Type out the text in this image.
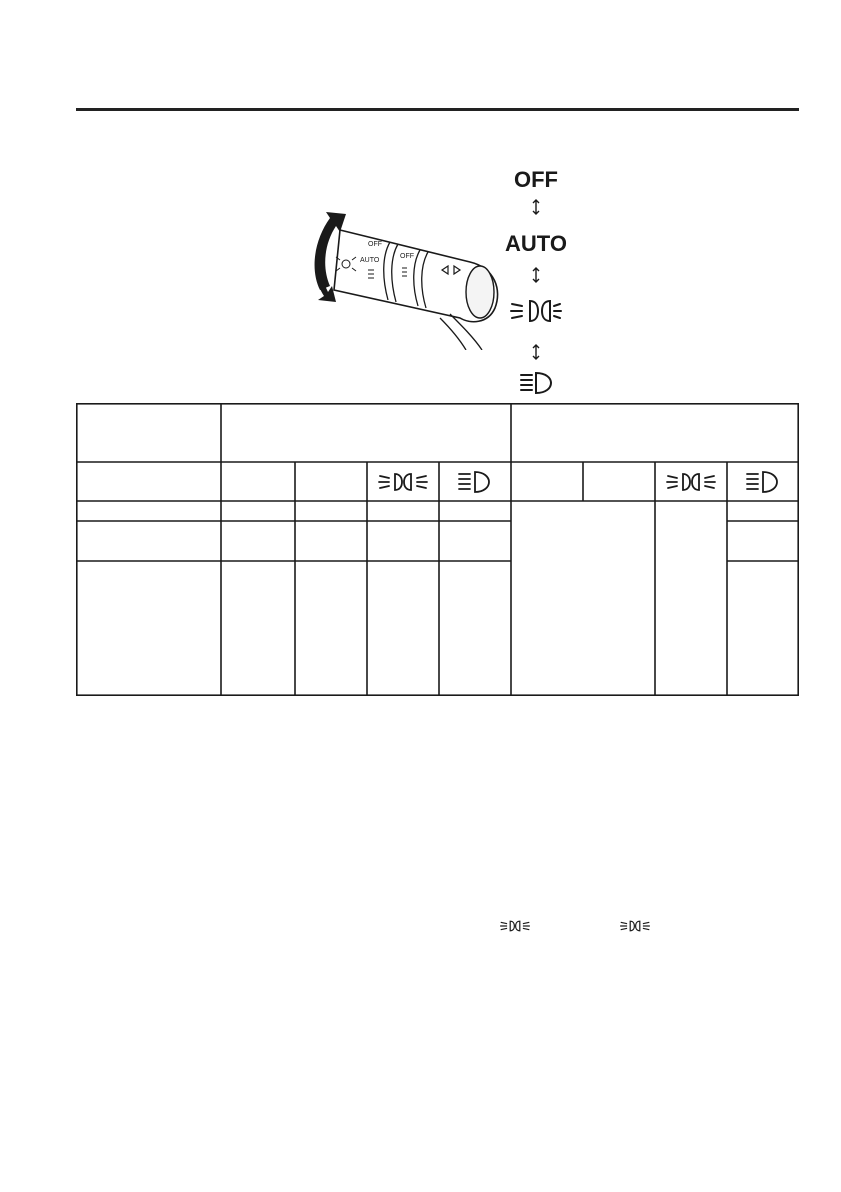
OFF
AUTO
OFF
OFF
AUTO
